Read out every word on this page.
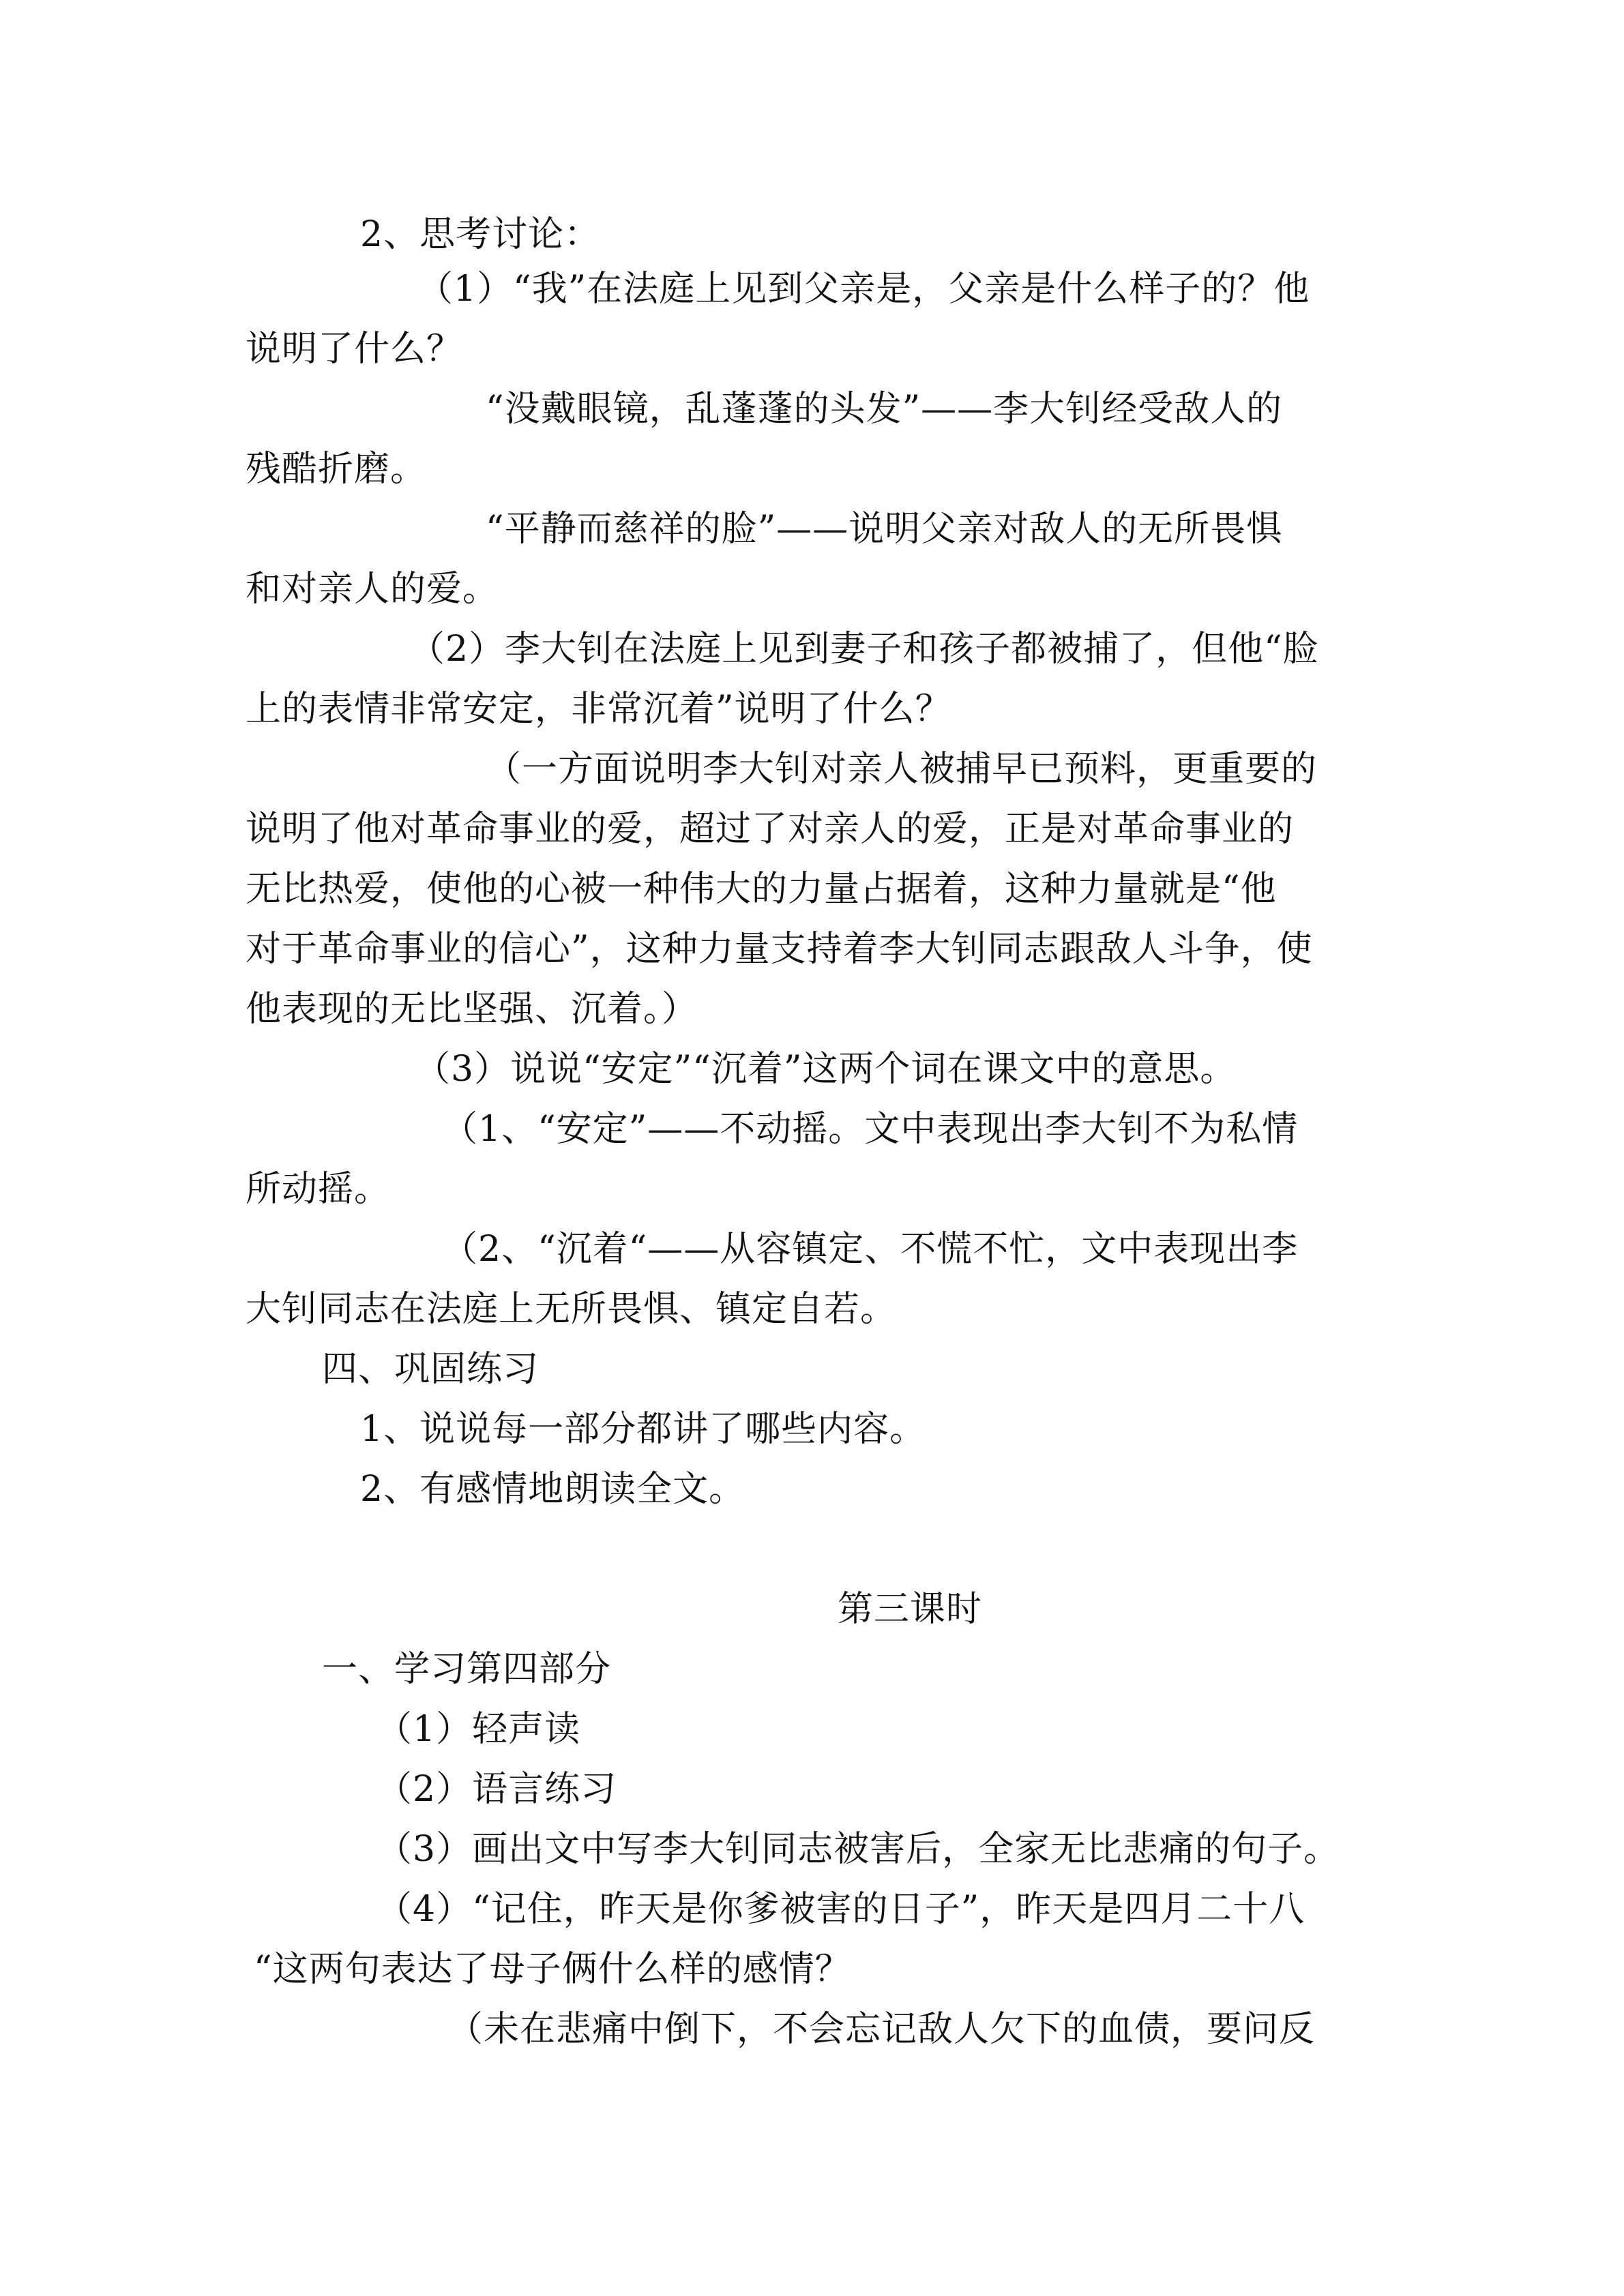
2、思考讨论：
（1）“我”在法庭上见到父亲是，父亲是什么样子的？他
说明了什么？
“没戴眼镜，乱蓬蓬的头发”——李大钊经受敌人的
残酷折磨。
“平静而慈祥的脸”——说明父亲对敌人的无所畏惧
和对亲人的爱。
（2）李大钊在法庭上见到妻子和孩子都被捕了，但他“脸
上的表情非常安定，非常沉着”说明了什么？
（一方面说明李大钊对亲人被捕早已预料，更重要的
说明了他对革命事业的爱，超过了对亲人的爱，正是对革命事业的
无比热爱，使他的心被一种伟大的力量占据着，这种力量就是“他
对于革命事业的信心”，这种力量支持着李大钊同志跟敌人斗争，使
他表现的无比坚强、沉着。）
（3）说说“安定”“沉着”这两个词在课文中的意思。
（1、“安定”——不动摇。文中表现出李大钊不为私情
所动摇。
（2、“沉着“——从容镇定、不慌不忙，文中表现出李
大钊同志在法庭上无所畏惧、镇定自若。
四、巩固练习
1、说说每一部分都讲了哪些内容。
2、有感情地朗读全文。
第三课时
一、学习第四部分
（1）轻声读
（2）语言练习
（3）画出文中写李大钊同志被害后，全家无比悲痛的句子。
（4）“记住，昨天是你爹被害的日子”，昨天是四月二十八
“这两句表达了母子俩什么样的感情？
（未在悲痛中倒下，不会忘记敌人欠下的血债，要问反
